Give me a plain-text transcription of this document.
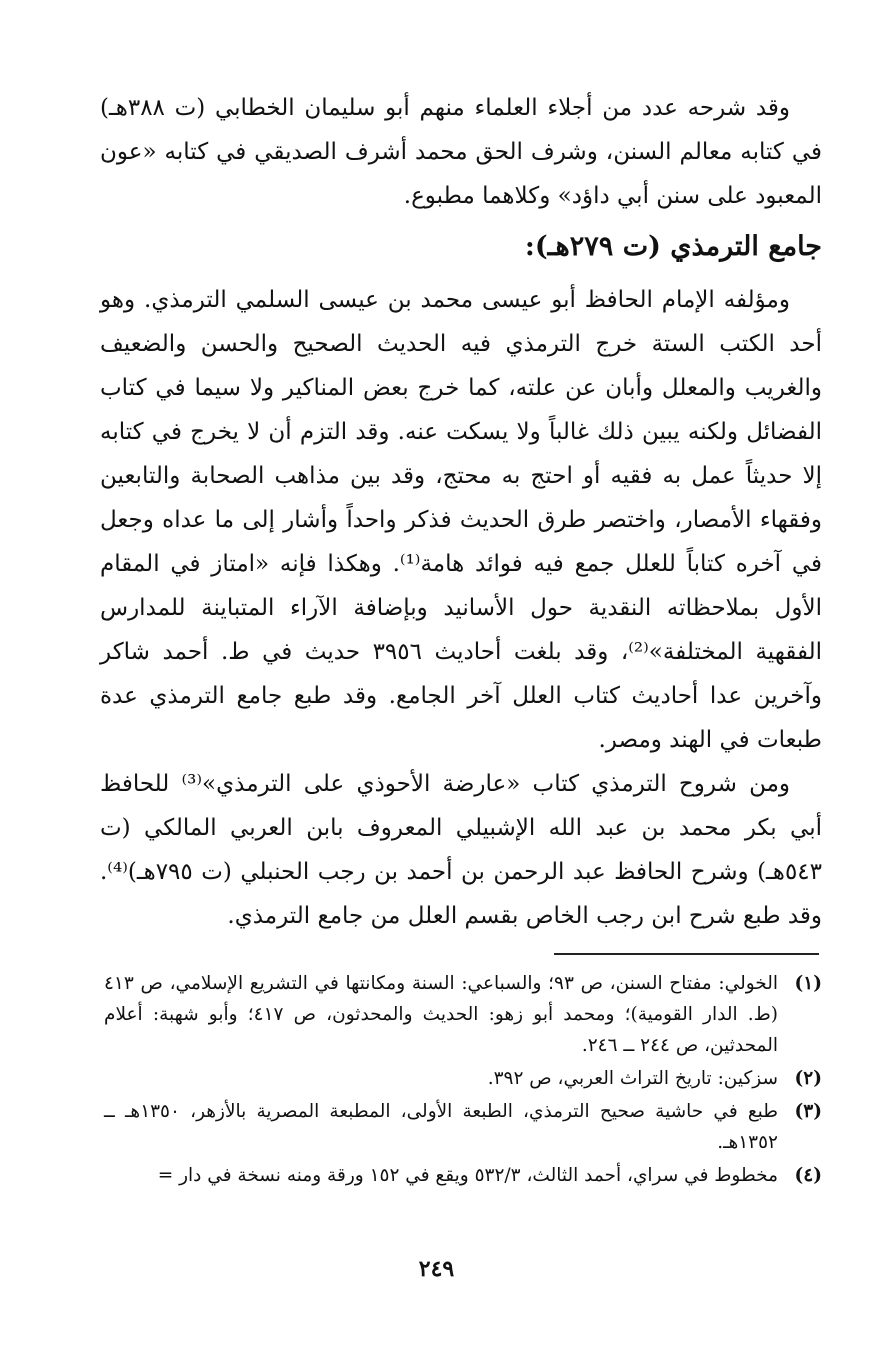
وقد شرحه عدد من أجلاء العلماء منهم أبو سليمان الخطابي (ت ٣٨٨هـ) في كتابه معالم السنن، وشرف الحق محمد أشرف الصديقي في كتابه «عون المعبود على سنن أبي داؤد» وكلاهما مطبوع.

جامع الترمذي (ت ٢٧٩هـ):

ومؤلفه الإمام الحافظ أبو عيسى محمد بن عيسى السلمي الترمذي. وهو أحد الكتب الستة خرج الترمذي فيه الحديث الصحيح والحسن والضعيف والغريب والمعلل وأبان عن علته، كما خرج بعض المناكير ولا سيما في كتاب الفضائل ولكنه يبين ذلك غالباً ولا يسكت عنه. وقد التزم أن لا يخرج في كتابه إلا حديثاً عمل به فقيه أو احتج به محتج، وقد بين مذاهب الصحابة والتابعين وفقهاء الأمصار، واختصر طرق الحديث فذكر واحداً وأشار إلى ما عداه وجعل في آخره كتاباً للعلل جمع فيه فوائد هامة⁽¹⁾. وهكذا فإنه «امتاز في المقام الأول بملاحظاته النقدية حول الأسانيد وبإضافة الآراء المتباينة للمدارس الفقهية المختلفة»⁽²⁾، وقد بلغت أحاديث ٣٩٥٦ حديث في ط. أحمد شاكر وآخرين عدا أحاديث كتاب العلل آخر الجامع. وقد طبع جامع الترمذي عدة طبعات في الهند ومصر.

ومن شروح الترمذي كتاب «عارضة الأحوذي على الترمذي»⁽³⁾ للحافظ أبي بكر محمد بن عبد الله الإشبيلي المعروف بابن العربي المالكي (ت ٥٤٣هـ) وشرح الحافظ عبد الرحمن بن أحمد بن رجب الحنبلي (ت ٧٩٥هـ)⁽⁴⁾. وقد طبع شرح ابن رجب الخاص بقسم العلل من جامع الترمذي.

(١)
الخولي: مفتاح السنن، ص ٩٣؛ والسباعي: السنة ومكانتها في التشريع الإسلامي، ص ٤١٣ (ط. الدار القومية)؛ ومحمد أبو زهو: الحديث والمحدثون، ص ٤١٧؛ وأبو شهبة: أعلام المحدثين، ص ٢٤٤ ــ ٢٤٦.
(٢)
سزكين: تاريخ التراث العربي، ص ٣٩٢.
(٣)
طبع في حاشية صحيح الترمذي، الطبعة الأولى، المطبعة المصرية بالأزهر، ١٣٥٠هـ ــ ١٣٥٢هـ.
(٤)
مخطوط في سراي، أحمد الثالث، ٥٣٢/٣ ويقع في ١٥٢ ورقة ومنه نسخة في دار =
٢٤٩
